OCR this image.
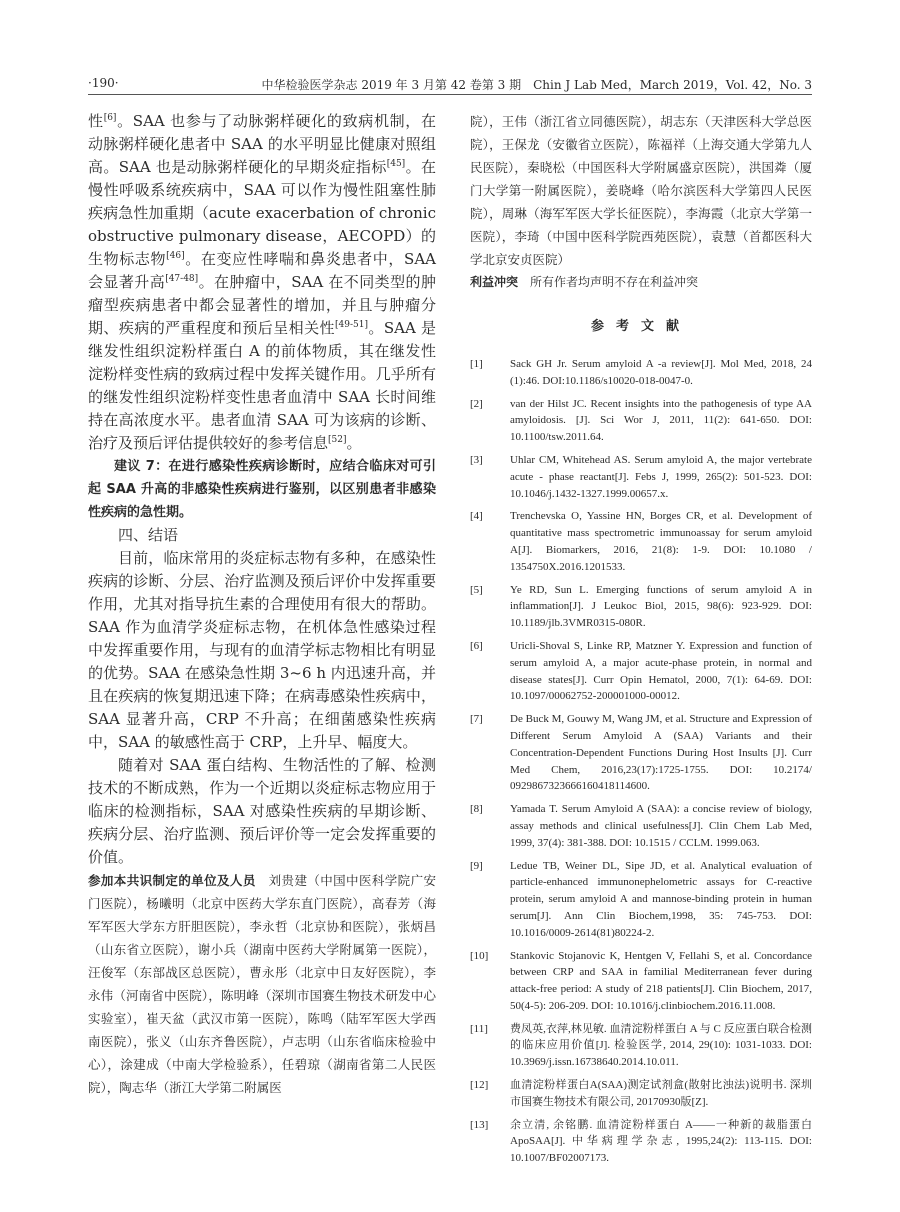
·190·	中华检验医学杂志 2019 年 3 月第 42 卷第 3 期　Chin J Lab Med，March 2019，Vol. 42，No. 3

性[6]。SAA 也参与了动脉粥样硬化的致病机制，在动脉粥样硬化患者中 SAA 的水平明显比健康对照组高。SAA 也是动脉粥样硬化的早期炎症指标[45]。在慢性呼吸系统疾病中，SAA 可以作为慢性阻塞性肺疾病急性加重期（acute exacerbation of chronic obstructive pulmonary disease，AECOPD）的生物标志物[46]。在变应性哮喘和鼻炎患者中，SAA 会显著升高[47-48]。在肿瘤中，SAA 在不同类型的肿瘤型疾病患者中都会显著性的增加，并且与肿瘤分期、疾病的严重程度和预后呈相关性[49-51]。SAA 是继发性组织淀粉样蛋白 A 的前体物质，其在继发性淀粉样变性病的致病过程中发挥关键作用。几乎所有的继发性组织淀粉样变性患者血清中 SAA 长时间维持在高浓度水平。患者血清 SAA 可为该病的诊断、治疗及预后评估提供较好的参考信息[52]。

建议 7：在进行感染性疾病诊断时，应结合临床对可引起 SAA 升高的非感染性疾病进行鉴别，以区别患者非感染性疾病的急性期。

四、结语

目前，临床常用的炎症标志物有多种，在感染性疾病的诊断、分层、治疗监测及预后评价中发挥重要作用，尤其对指导抗生素的合理使用有很大的帮助。SAA 作为血清学炎症标志物，在机体急性感染过程中发挥重要作用，与现有的血清学标志物相比有明显的优势。SAA 在感染急性期 3~6 h 内迅速升高，并且在疾病的恢复期迅速下降；在病毒感染性疾病中，SAA 显著升高，CRP 不升高；在细菌感染性疾病中，SAA 的敏感性高于 CRP，上升早、幅度大。

随着对 SAA 蛋白结构、生物活性的了解、检测技术的不断成熟，作为一个近期以炎症标志物应用于临床的检测指标，SAA 对感染性疾病的早期诊断、疾病分层、治疗监测、预后评价等一定会发挥重要的价值。

参加本共识制定的单位及人员　 刘贵建（中国中医科学院广安门医院），杨曦明（北京中医药大学东直门医院），高春芳（海军军医大学东方肝胆医院），李永哲（北京协和医院），张炳昌（山东省立医院），谢小兵（湖南中医药大学附属第一医院），汪俊军（东部战区总医院），曹永彤（北京中日友好医院），李永伟（河南省中医院），陈明峰（深圳市国赛生物技术研发中心实验室），崔天盆（武汉市第一医院），陈鸣（陆军军医大学西南医院），张义（山东齐鲁医院），卢志明（山东省临床检验中心），涂建成（中南大学检验系），任碧琼（湖南省第二人民医院），陶志华（浙江大学第二附属医

院），王伟（浙江省立同德医院），胡志东（天津医科大学总医院），王保龙（安徽省立医院），陈福祥（上海交通大学第九人民医院），秦晓松（中国医科大学附属盛京医院），洪国粦（厦门大学第一附属医院），姜晓峰（哈尔滨医科大学第四人民医院），周琳（海军军医大学长征医院），李海霞（北京大学第一医院），李琦（中国中医科学院西苑医院），袁慧（首都医科大学北京安贞医院）

利益冲突　所有作者均声明不存在利益冲突

参考文献
[1] Sack GH Jr. Serum amyloid A -a review[J]. Mol Med, 2018, 24 (1):46. DOI:10.1186/s10020-018-0047-0.
[2] van der Hilst JC. Recent insights into the pathogenesis of type AA amyloidosis. [J]. Sci Wor J, 2011, 11(2): 641-650. DOI: 10.1100/tsw.2011.64.
[3] Uhlar CM, Whitehead AS. Serum amyloid A, the major vertebrate acute - phase reactant[J]. Febs J, 1999, 265(2): 501-523. DOI: 10.1046/j.1432-1327.1999.00657.x.
[4] Trenchevska O, Yassine HN, Borges CR, et al. Development of quantitative mass spectrometric immunoassay for serum amyloid A[J]. Biomarkers, 2016, 21(8): 1-9. DOI: 10.1080 / 1354750X.2016.1201533.
[5] Ye RD, Sun L. Emerging functions of serum amyloid A in inflammation[J]. J Leukoc Biol, 2015, 98(6): 923-929. DOI: 10.1189/jlb.3VMR0315-080R.
[6] Uricli-Shoval S, Linke RP, Matzner Y. Expression and function of serum amyloid A, a major acute-phase protein, in normal and disease states[J]. Curr Opin Hematol, 2000, 7(1): 64-69. DOI: 10.1097/00062752-200001000-00012.
[7] De Buck M, Gouwy M, Wang JM, et al. Structure and Expression of Different Serum Amyloid A (SAA) Variants and their Concentration-Dependent Functions During Host Insults [J]. Curr Med Chem, 2016,23(17):1725-1755. DOI: 10.2174/ 0929867323666160418114600.
[8] Yamada T. Serum Amyloid A (SAA): a concise review of biology, assay methods and clinical usefulness[J]. Clin Chem Lab Med, 1999, 37(4): 381-388. DOI: 10.1515 / CCLM. 1999.063.
[9] Ledue TB, Weiner DL, Sipe JD, et al. Analytical evaluation of particle-enhanced immunonephelometric assays for C-reactive protein, serum amyloid A and mannose-binding protein in human serum[J]. Ann Clin Biochem,1998, 35: 745-753. DOI: 10.1016/0009-2614(81)80224-2.
[10] Stankovic Stojanovic K, Hentgen V, Fellahi S, et al. Concordance between CRP and SAA in familial Mediterranean fever during attack-free period: A study of 218 patients[J]. Clin Biochem, 2017, 50(4-5): 206-209. DOI: 10.1016/j.clinbiochem.2016.11.008.
[11] 费凤英,衣萍,林见敏. 血清淀粉样蛋白 A 与 C 反应蛋白联合检测的临床应用价值[J]. 检验医学, 2014, 29(10): 1031-1033. DOI: 10.3969/j.issn.16738640.2014.10.011.
[12] 血清淀粉样蛋白A(SAA)测定试剂盒(散射比浊法)说明书. 深圳市国赛生物技术有限公司, 20170930版[Z].
[13] 余立清, 余铭鹏. 血清淀粉样蛋白 A——一种新的裁脂蛋白 ApoSAA[J]. 中华病理学杂志, 1995,24(2): 113-115. DOI: 10.1007/BF02007173.
